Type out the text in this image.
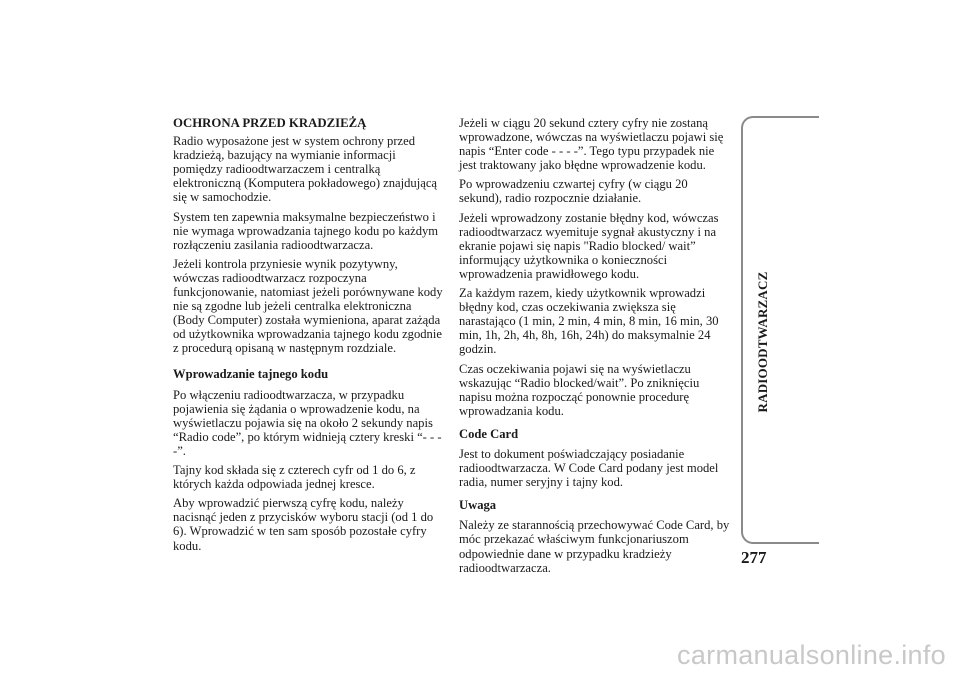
OCHRONA PRZED KRADZIEŻĄ

Radio wyposażone jest w system ochrony przed kradzieżą, bazujący na wymianie informacji pomiędzy radioodtwarzaczem i centralką elektroniczną (Komputera pokładowego) znajdującą się w samochodzie.

System ten zapewnia maksymalne bezpieczeństwo i nie wymaga wprowadzania tajnego kodu po każdym rozłączeniu zasilania radioodtwarzacza.

Jeżeli kontrola przyniesie wynik pozytywny, wówczas radioodtwarzacz rozpoczyna funkcjonowanie, natomiast jeżeli porównywane kody nie są zgodne lub jeżeli centralka elektroniczna (Body Computer) została wymieniona, aparat zażąda od użytkownika wprowadzania tajnego kodu zgodnie z procedurą opisaną w następnym rozdziale.

Wprowadzanie tajnego kodu

Po włączeniu radioodtwarzacza, w przypadku pojawienia się żądania o wprowadzenie kodu, na wyświetlaczu pojawia się na około 2 sekundy napis “Radio code”, po którym widnieją cztery kreski “- - - -”.

Tajny kod składa się z czterech cyfr od 1 do 6, z których każda odpowiada jednej kresce.

Aby wprowadzić pierwszą cyfrę kodu, należy nacisnąć jeden z przycisków wyboru stacji (od 1 do 6). Wprowadzić w ten sam sposób pozostałe cyfry kodu.

Jeżeli w ciągu 20 sekund cztery cyfry nie zostaną wprowadzone, wówczas na wyświetlaczu pojawi się napis “Enter code - - - -”. Tego typu przypadek nie jest traktowany jako błędne wprowadzenie kodu.

Po wprowadzeniu czwartej cyfry (w ciągu 20 sekund), radio rozpocznie działanie.

Jeżeli wprowadzony zostanie błędny kod, wówczas radioodtwarzacz wyemituje sygnał akustyczny i na ekranie pojawi się napis "Radio blocked/ wait” informujący użytkownika o konieczności wprowadzenia prawidłowego kodu.

Za każdym razem, kiedy użytkownik wprowadzi błędny kod, czas oczekiwania zwiększa się narastająco (1 min, 2 min, 4 min, 8 min, 16 min, 30 min, 1h, 2h, 4h, 8h, 16h, 24h) do maksymalnie 24 godzin.

Czas oczekiwania pojawi się na wyświetlaczu wskazując “Radio blocked/wait”. Po zniknięciu napisu można rozpocząć ponownie procedurę wprowadzania kodu.

Code Card

Jest to dokument poświadczający posiadanie radioodtwarzacza. W Code Card podany jest model radia, numer seryjny i tajny kod.

Uwaga

Należy ze starannością przechowywać Code Card, by móc przekazać właściwym funkcjonariuszom odpowiednie dane w przypadku kradzieży radioodtwarzacza.

RADIOODTWARZACZ
277
carmanualsonline.info
